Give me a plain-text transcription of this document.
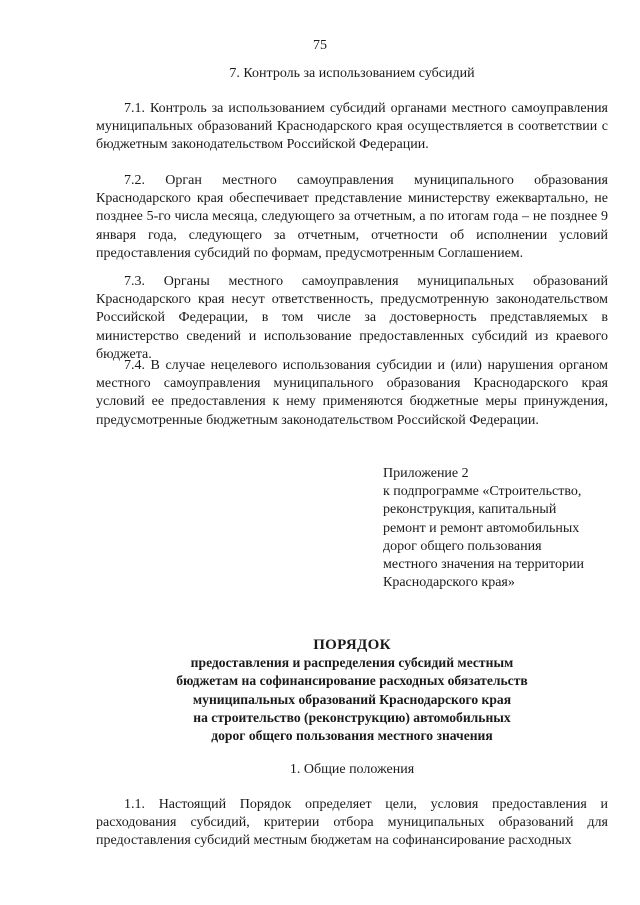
75
7. Контроль за использованием субсидий

7.1. Контроль за использованием субсидий органами местного самоуправления муниципальных образований Краснодарского края осуществляется в соответствии с бюджетным законодательством Российской Федерации.

7.2. Орган местного самоуправления муниципального образования Краснодарского края обеспечивает представление министерству ежеквартально, не позднее 5-го числа месяца, следующего за отчетным, а по итогам года – не позднее 9 января года, следующего за отчетным, отчетности об исполнении условий предоставления субсидий по формам, предусмотренным Соглашением.

7.3. Органы местного самоуправления муниципальных образований Краснодарского края несут ответственность, предусмотренную законодательством Российской Федерации, в том числе за достоверность представляемых в министерство сведений и использование предоставленных субсидий из краевого бюджета.

7.4. В случае нецелевого использования субсидии и (или) нарушения органом местного самоуправления муниципального образования Краснодарского края условий ее предоставления к нему применяются бюджетные меры принуждения, предусмотренные бюджетным законодательством Российской Федерации.

Приложение 2
к подпрограмме «Строительство,
реконструкция, капитальный
ремонт и ремонт автомобильных
дорог общего пользования
местного значения на территории
Краснодарского края»
ПОРЯДОК
предоставления и распределения субсидий местным
бюджетам на софинансирование расходных обязательств
муниципальных образований Краснодарского края
на строительство (реконструкцию) автомобильных
дорог общего пользования местного значения
1. Общие положения

1.1. Настоящий Порядок определяет цели, условия предоставления и расходования субсидий, критерии отбора муниципальных образований для предоставления субсидий местным бюджетам на софинансирование расходных
